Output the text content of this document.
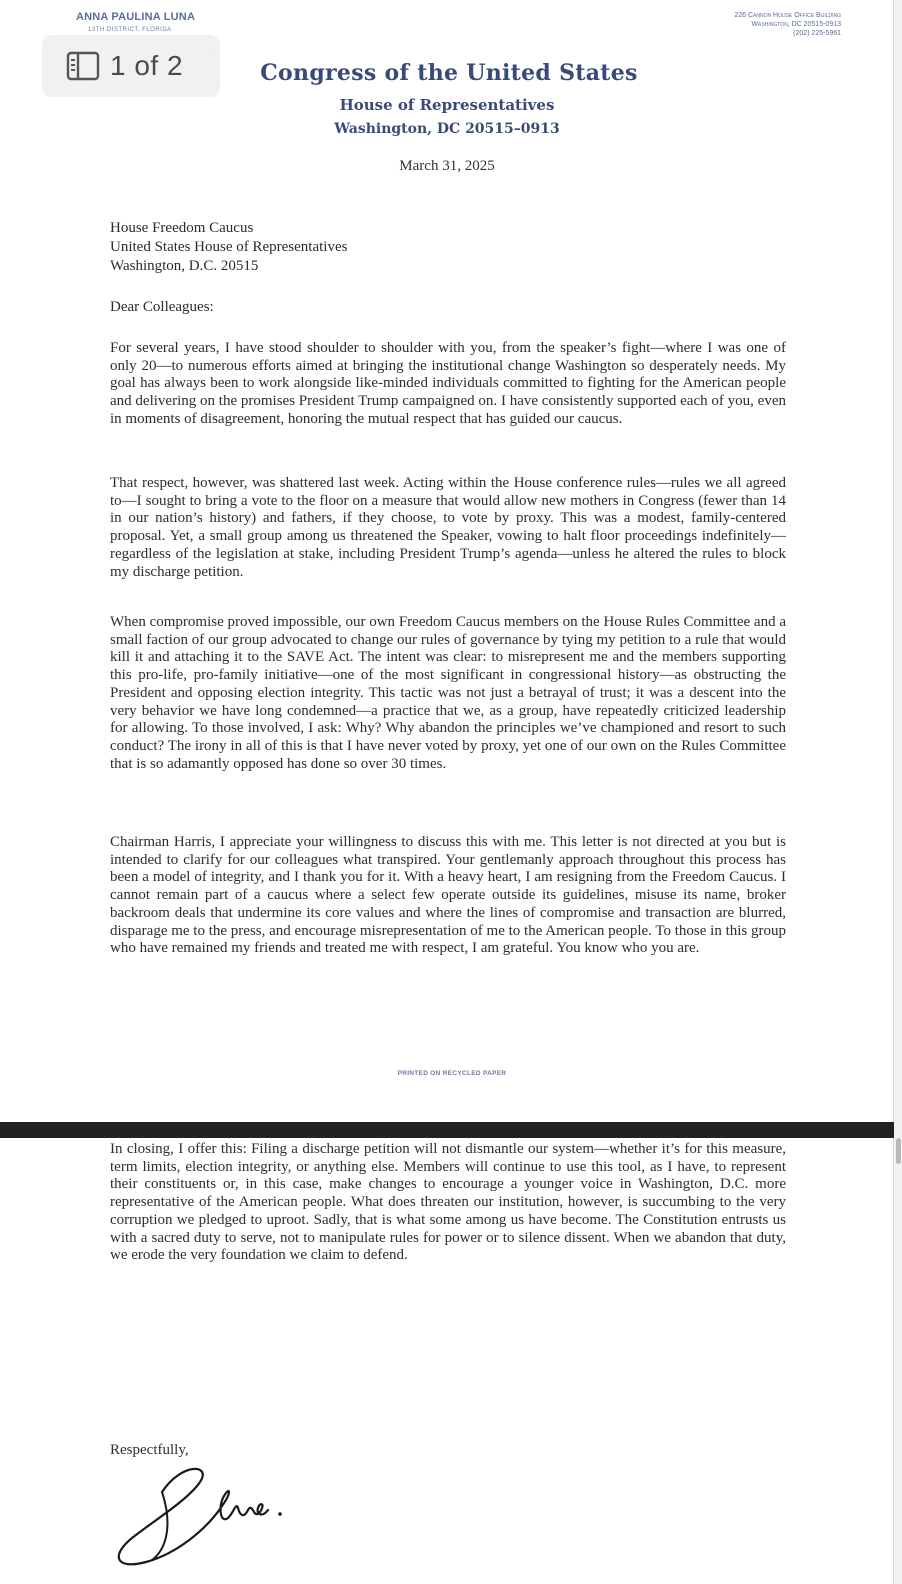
ANNA PAULINA LUNA
13TH DISTRICT, FLORIDA
226 Cannon House Office Building
Washington, DC 20515-0913
(202) 225-5961
Congress of the United States
House of Representatives
Washington, DC 20515–0913
March 31, 2025
House Freedom Caucus
United States House of Representatives
Washington, D.C. 20515
Dear Colleagues:

For several years, I have stood shoulder to shoulder with you, from the speaker’s fight—where I was one of only 20—to numerous efforts aimed at bringing the institutional change Washington so desperately needs. My goal has always been to work alongside like-minded individuals committed to fighting for the American people and delivering on the promises President Trump campaigned on. I have consistently supported each of you, even in moments of disagreement, honoring the mutual respect that has guided our caucus.

That respect, however, was shattered last week. Acting within the House conference rules—rules we all agreed to—I sought to bring a vote to the floor on a measure that would allow new mothers in Congress (fewer than 14 in our nation’s history) and fathers, if they choose, to vote by proxy. This was a modest, family-centered proposal. Yet, a small group among us threatened the Speaker, vowing to halt floor proceedings indefinitely—regardless of the legislation at stake, including President Trump’s agenda—unless he altered the rules to block my discharge petition.

When compromise proved impossible, our own Freedom Caucus members on the House Rules Committee and a small faction of our group advocated to change our rules of governance by tying my petition to a rule that would kill it and attaching it to the SAVE Act. The intent was clear: to misrepresent me and the members supporting this pro-life, pro-family initiative—one of the most significant in congressional history—as obstructing the President and opposing election integrity. This tactic was not just a betrayal of trust; it was a descent into the very behavior we have long condemned—a practice that we, as a group, have repeatedly criticized leadership for allowing. To those involved, I ask: Why? Why abandon the principles we’ve championed and resort to such conduct? The irony in all of this is that I have never voted by proxy, yet one of our own on the Rules Committee that is so adamantly opposed has done so over 30 times.

Chairman Harris, I appreciate your willingness to discuss this with me. This letter is not directed at you but is intended to clarify for our colleagues what transpired. Your gentlemanly approach throughout this process has been a model of integrity, and I thank you for it. With a heavy heart, I am resigning from the Freedom Caucus. I cannot remain part of a caucus where a select few operate outside its guidelines, misuse its name, broker backroom deals that undermine its core values and where the lines of compromise and transaction are blurred, disparage me to the press, and encourage misrepresentation of me to the American people. To those in this group who have remained my friends and treated me with respect, I am grateful. You know who you are.

PRINTED ON RECYCLED PAPER
1 of 2

In closing, I offer this: Filing a discharge petition will not dismantle our system—whether it’s for this measure, term limits, election integrity, or anything else. Members will continue to use this tool, as I have, to represent their constituents or, in this case, make changes to encourage a younger voice in Washington, D.C. more representative of the American people. What does threaten our institution, however, is succumbing to the very corruption we pledged to uproot. Sadly, that is what some among us have become. The Constitution entrusts us with a sacred duty to serve, not to manipulate rules for power or to silence dissent. When we abandon that duty, we erode the very foundation we claim to defend.

Respectfully,
